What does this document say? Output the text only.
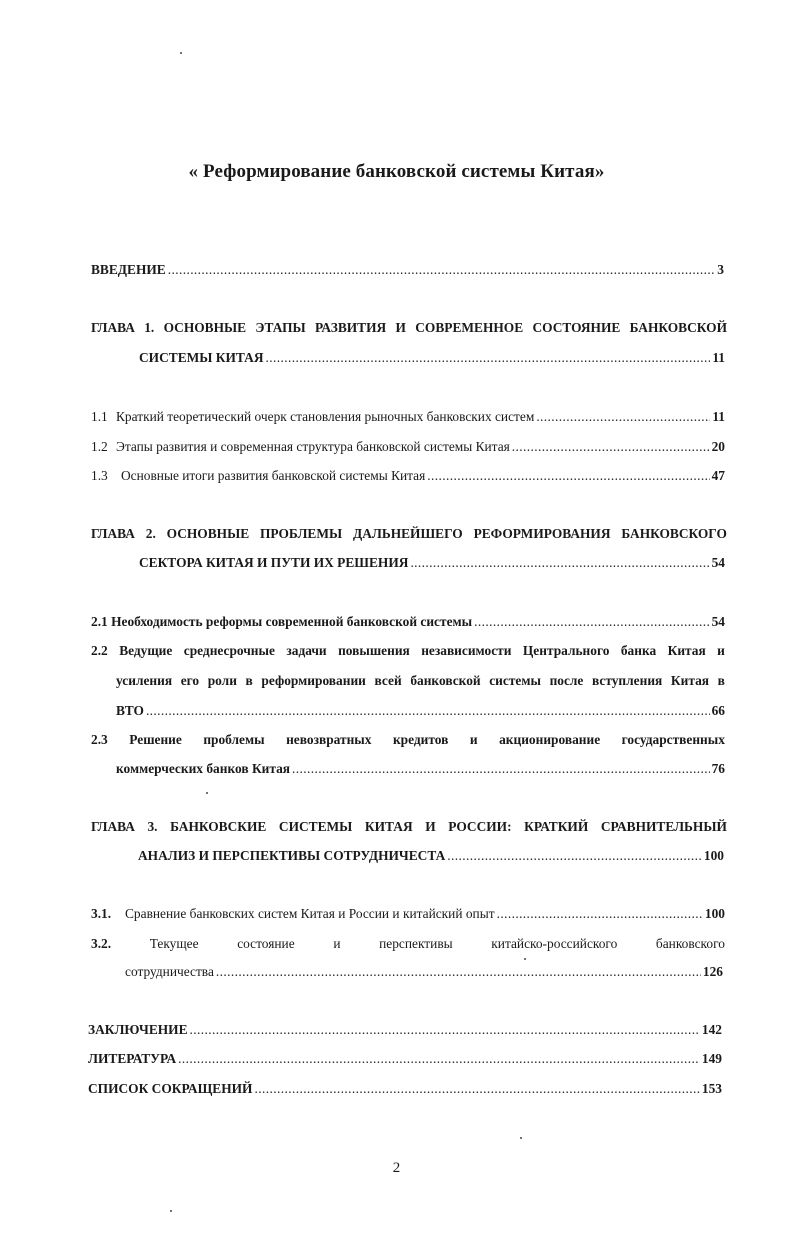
« Реформирование банковской системы Китая»
ВВЕДЕНИЕ .....	3
ГЛАВА 1. ОСНОВНЫЕ ЭТАПЫ РАЗВИТИЯ И СОВРЕМЕННОЕ СОСТОЯНИЕ БАНКОВСКОЙ
СИСТЕМЫ КИТАЯ .....	11
1.1 Краткий теоретический очерк становления рыночных банковских систем .....	11
1.2 Этапы развития и современная структура банковской системы Китая .....	20
1.3 Основные итоги развития банковской системы Китая .....	47
ГЛАВА 2. ОСНОВНЫЕ ПРОБЛЕМЫ ДАЛЬНЕЙШЕГО РЕФОРМИРОВАНИЯ БАНКОВСКОГО
СЕКТОРА КИТАЯ И ПУТИ ИХ РЕШЕНИЯ .....	54
2.1 Необходимость реформы современной банковской системы .....	54
2.2 Ведущие среднесрочные задачи повышения независимости Центрального банка Китая и
усиления его роли в реформировании всей банковской системы после вступления Китая в
ВТО .....	66
2.3 Решение проблемы невозвратных кредитов и акционирование государственных
коммерческих банков Китая .....	76
ГЛАВА 3. БАНКОВСКИЕ СИСТЕМЫ КИТАЯ И РОССИИ: КРАТКИЙ СРАВНИТЕЛЬНЫЙ
АНАЛИЗ И ПЕРСПЕКТИВЫ СОТРУДНИЧЕСТА .....	100
3.1.	Сравнение банковских систем Китая и России и китайский опыт .....	100
3.2.	Текущее	состояние	и	перспективы	китайско-российского	банковского
сотрудничества .....	126
ЗАКЛЮЧЕНИЕ .....	142
ЛИТЕРАТУРА .....	149
СПИСОК СОКРАЩЕНИЙ .....	153
2
